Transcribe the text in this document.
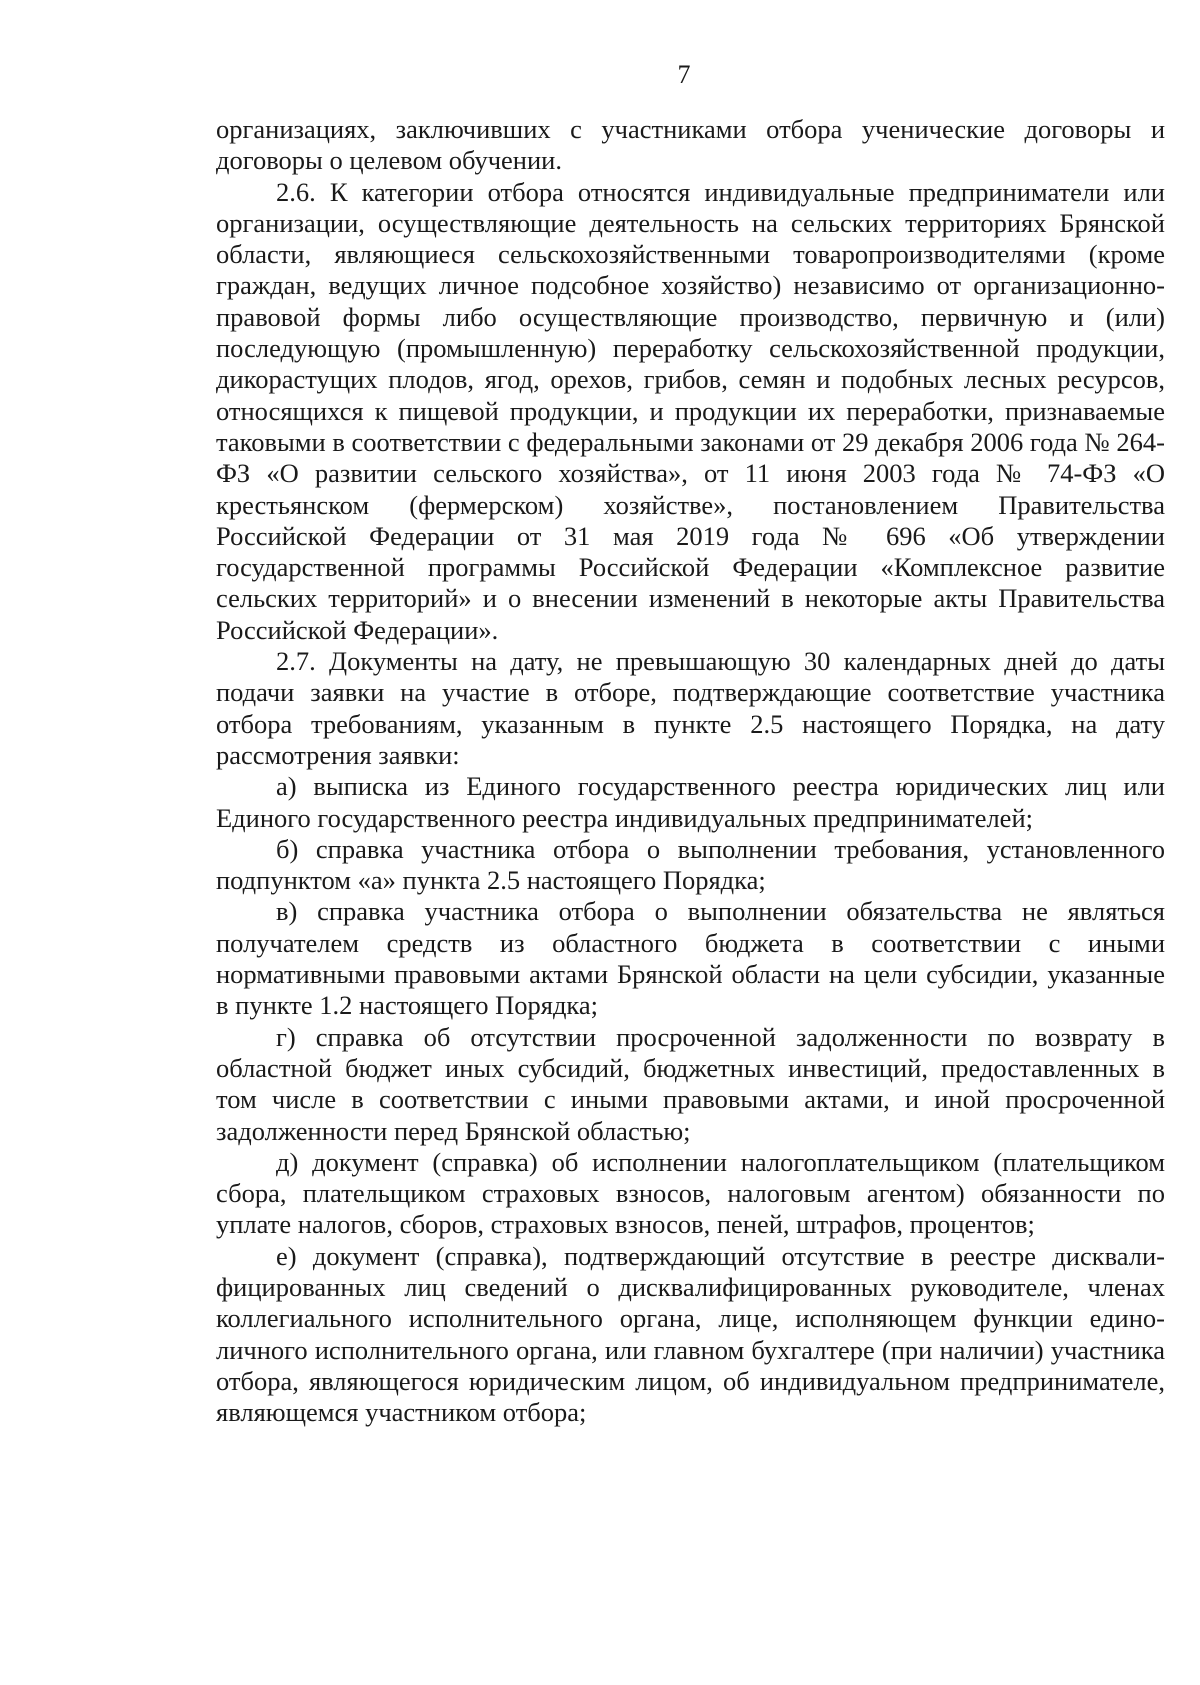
7

организациях, заключивших с участниками отбора ученические договоры и договоры о целевом обучении.

2.6. К категории отбора относятся индивидуальные предприниматели или организации, осуществляющие деятельность на сельских территориях Брянской области, являющиеся сельскохозяйственными товаропроизводителями (кроме граждан, ведущих личное подсобное хозяйство) независимо от организационно-правовой формы либо осуществляющие производство, первичную и (или) последующую (промышленную) переработку сельскохозяйственной продукции, дикорастущих плодов, ягод, орехов, грибов, семян и подобных лесных ресурсов, относящихся к пищевой продукции, и продукции их переработки, признаваемые таковыми в соответствии с федеральными законами от 29 декабря 2006 года № 264-ФЗ «О развитии сельского хозяйства», от 11 июня 2003 года № 74-ФЗ «О крестьянском (фермерском) хозяйстве», постановлением Правительства Российской Федерации от 31 мая 2019 года № 696 «Об утверждении государственной программы Российской Федерации «Комплексное развитие сельских территорий» и о внесении изменений в некоторые акты Правительства Российской Федерации».

2.7. Документы на дату, не превышающую 30 календарных дней до даты подачи заявки на участие в отборе, подтверждающие соответствие участника отбора требованиям, указанным в пункте 2.5 настоящего Порядка, на дату рассмотрения заявки:

а) выписка из Единого государственного реестра юридических лиц или Единого государственного реестра индивидуальных предпринимателей;

б) справка участника отбора о выполнении требования, установленного подпунктом «а» пункта 2.5 настоящего Порядка;

в) справка участника отбора о выполнении обязательства не являться получателем средств из областного бюджета в соответствии с иными нормативными правовыми актами Брянской области на цели субсидии, указанные в пункте 1.2 настоящего Порядка;

г) справка об отсутствии просроченной задолженности по возврату в областной бюджет иных субсидий, бюджетных инвестиций, предоставленных в том числе в соответствии с иными правовыми актами, и иной просроченной задолженности перед Брянской областью;

д) документ (справка) об исполнении налогоплательщиком (плательщиком сбора, плательщиком страховых взносов, налоговым агентом) обязанности по уплате налогов, сборов, страховых взносов, пеней, штрафов, процентов;

е) документ (справка), подтверждающий отсутствие в реестре дисквалифицированных лиц сведений о дисквалифицированных руководителе, членах коллегиального исполнительного органа, лице, исполняющем функции единоличного исполнительного органа, или главном бухгалтере (при наличии) участника отбора, являющегося юридическим лицом, об индивидуальном предпринимателе, являющемся участником отбора;
